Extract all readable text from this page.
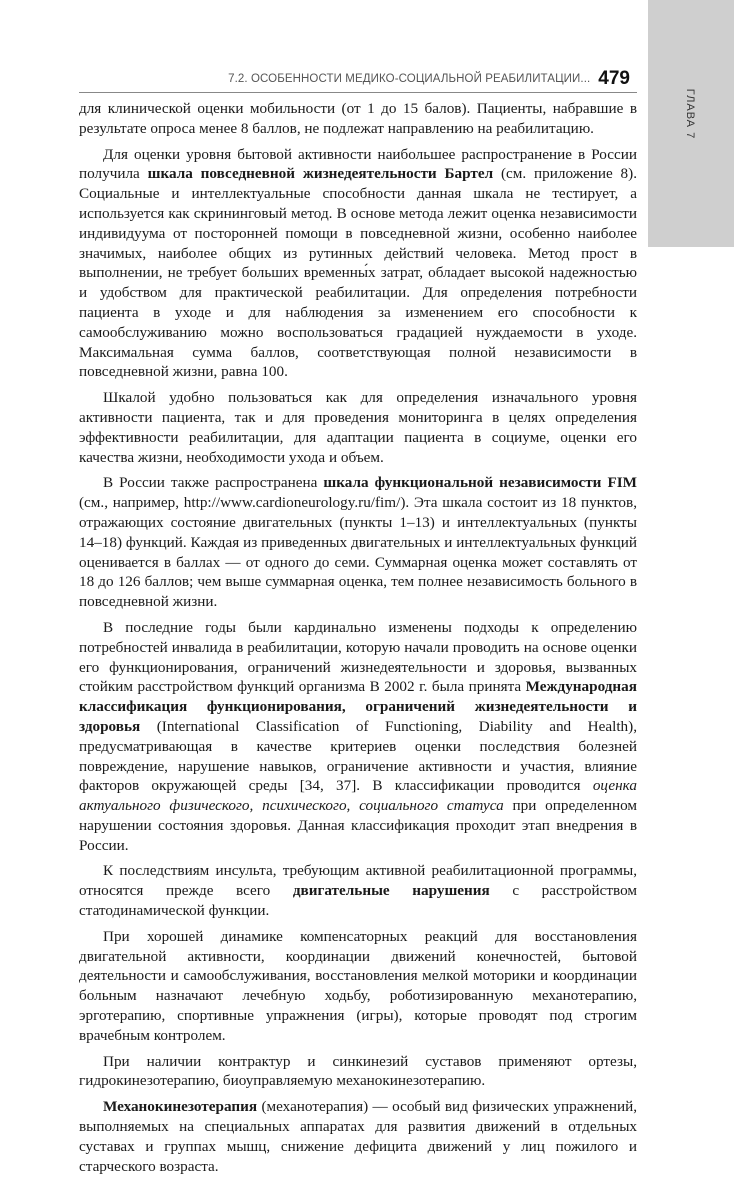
ГЛАВА 7
7.2. ОСОБЕННОСТИ МЕДИКО-СОЦИАЛЬНОЙ РЕАБИЛИТАЦИИ... 479

для клинической оценки мобильности (от 1 до 15 балов). Пациенты, набравшие в результате опроса менее 8 баллов, не подлежат направлению на реабилитацию.

Для оценки уровня бытовой активности наибольшее распространение в России получила шкала повседневной жизнедеятельности Бартел (см. приложение 8). Социальные и интеллектуальные способности данная шкала не тестирует, а используется как скрининговый метод. В основе метода лежит оценка независимости индивидуума от посторонней помощи в повседневной жизни, особенно наиболее значимых, наиболее общих из рутинных действий человека. Метод прост в выполнении, не требует больших временны́х затрат, обладает высокой надежностью и удобством для практической реабилитации. Для определения потребности пациента в уходе и для наблюдения за изменением его способности к самообслуживанию можно воспользоваться градацией нуждаемости в уходе. Максимальная сумма баллов, соответствующая полной независимости в повседневной жизни, равна 100.

Шкалой удобно пользоваться как для определения изначального уровня активности пациента, так и для проведения мониторинга в целях определения эффективности реабилитации, для адаптации пациента в социуме, оценки его качества жизни, необходимости ухода и объем.

В России также распространена шкала функциональной независимости FIM (см., например, http://www.cardioneurology.ru/fim/). Эта шкала состоит из 18 пунктов, отражающих состояние двигательных (пункты 1–13) и интеллектуальных (пункты 14–18) функций. Каждая из приведенных двигательных и интеллектуальных функций оценивается в баллах — от одного до семи. Суммарная оценка может составлять от 18 до 126 баллов; чем выше суммарная оценка, тем полнее независимость больного в повседневной жизни.

В последние годы были кардинально изменены подходы к определению потребностей инвалида в реабилитации, которую начали проводить на основе оценки его функционирования, ограничений жизнедеятельности и здоровья, вызванных стойким расстройством функций организма В 2002 г. была принята Международная классификация функционирования, ограничений жизнедеятельности и здоровья (International Classification of Functioning, Diability and Health), предусматривающая в качестве критериев оценки последствия болезней повреждение, нарушение навыков, ограничение активности и участия, влияние факторов окружающей среды [34, 37]. В классификации проводится оценка актуального физического, психического, социального статуса при определенном нарушении состояния здоровья. Данная классификация проходит этап внедрения в России.

К последствиям инсульта, требующим активной реабилитационной программы, относятся прежде всего двигательные нарушения с расстройством статодинамической функции.

При хорошей динамике компенсаторных реакций для восстановления двигательной активности, координации движений конечностей, бытовой деятельности и самообслуживания, восстановления мелкой моторики и координации больным назначают лечебную ходьбу, роботизированную механотерапию, эрготерапию, спортивные упражнения (игры), которые проводят под строгим врачебным контролем.

При наличии контрактур и синкинезий суставов применяют ортезы, гидрокинезотерапию, биоуправляемую механокинезотерапию.

Механокинезотерапия (механотерапия) — особый вид физических упражнений, выполняемых на специальных аппаратах для развития движений в отдельных суставах и группах мышц, снижение дефицита движений у лиц пожилого и старческого возраста.
